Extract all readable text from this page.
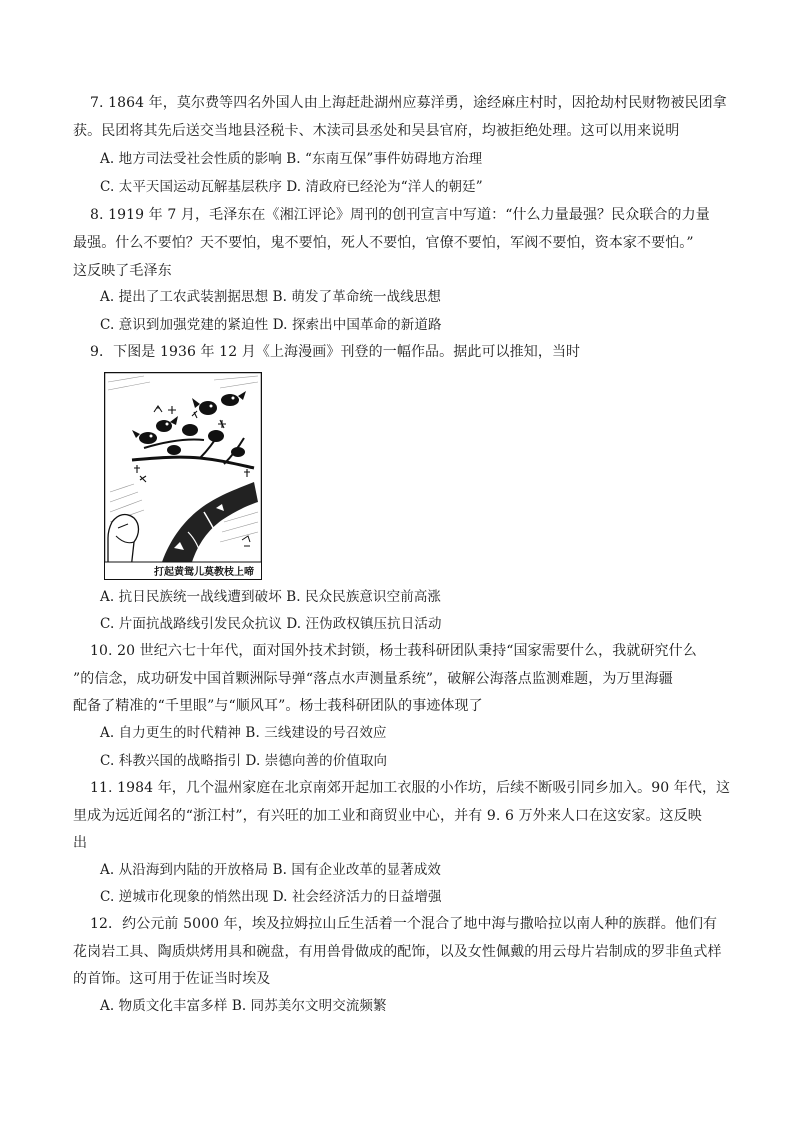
7. 1864 年，莫尔费等四名外国人由上海赶赴湖州应募洋勇，途经麻庄村时，因抢劫村民财物被民团拿
获。民团将其先后送交当地县泾税卡、木渎司县丞处和吴县官府，均被拒绝处理。这可以用来说明
A. 地方司法受社会性质的影响 B. “东南互保”事件妨碍地方治理
C. 太平天国运动瓦解基层秩序 D. 清政府已经沦为“洋人的朝廷”
8. 1919 年 7 月，毛泽东在《湘江评论》周刊的创刊宣言中写道：“什么力量最强？民众联合的力量
最强。什么不要怕？天不要怕，鬼不要怕，死人不要怕，官僚不要怕，军阀不要怕，资本家不要怕。”
这反映了毛泽东
A. 提出了工农武装割据思想 B. 萌发了革命统一战线思想
C. 意识到加强党建的紧迫性 D. 探索出中国革命的新道路
9．下图是 1936 年 12 月《上海漫画》刊登的一幅作品。据此可以推知，当时
打起黄鸳儿莫教枝上啼
A. 抗日民族统一战线遭到破坏 B. 民众民族意识空前高涨
C. 片面抗战路线引发民众抗议 D. 汪伪政权镇压抗日活动
10. 20 世纪六七十年代，面对国外技术封锁，杨士莪科研团队秉持“国家需要什么，我就研究什么
”的信念，成功研发中国首颗洲际导弹“落点水声测量系统”，破解公海落点监测难题，为万里海疆
配备了精准的“千里眼”与“顺风耳”。杨士莪科研团队的事迹体现了
A. 自力更生的时代精神 B. 三线建设的号召效应
C. 科教兴国的战略指引 D. 崇德向善的价值取向
11. 1984 年，几个温州家庭在北京南郊开起加工衣服的小作坊，后续不断吸引同乡加入。90 年代，这
里成为远近闻名的“浙江村”，有兴旺的加工业和商贸业中心，并有 9. 6 万外来人口在这安家。这反映
出
A. 从沿海到内陆的开放格局 B. 国有企业改革的显著成效
C. 逆城市化现象的悄然出现 D. 社会经济活力的日益增强
12．约公元前 5000 年，埃及拉姆拉山丘生活着一个混合了地中海与撒哈拉以南人种的族群。他们有
花岗岩工具、陶质烘烤用具和碗盘，有用兽骨做成的配饰，以及女性佩戴的用云母片岩制成的罗非鱼式样
的首饰。这可用于佐证当时埃及
A. 物质文化丰富多样 B. 同苏美尔文明交流频繁
